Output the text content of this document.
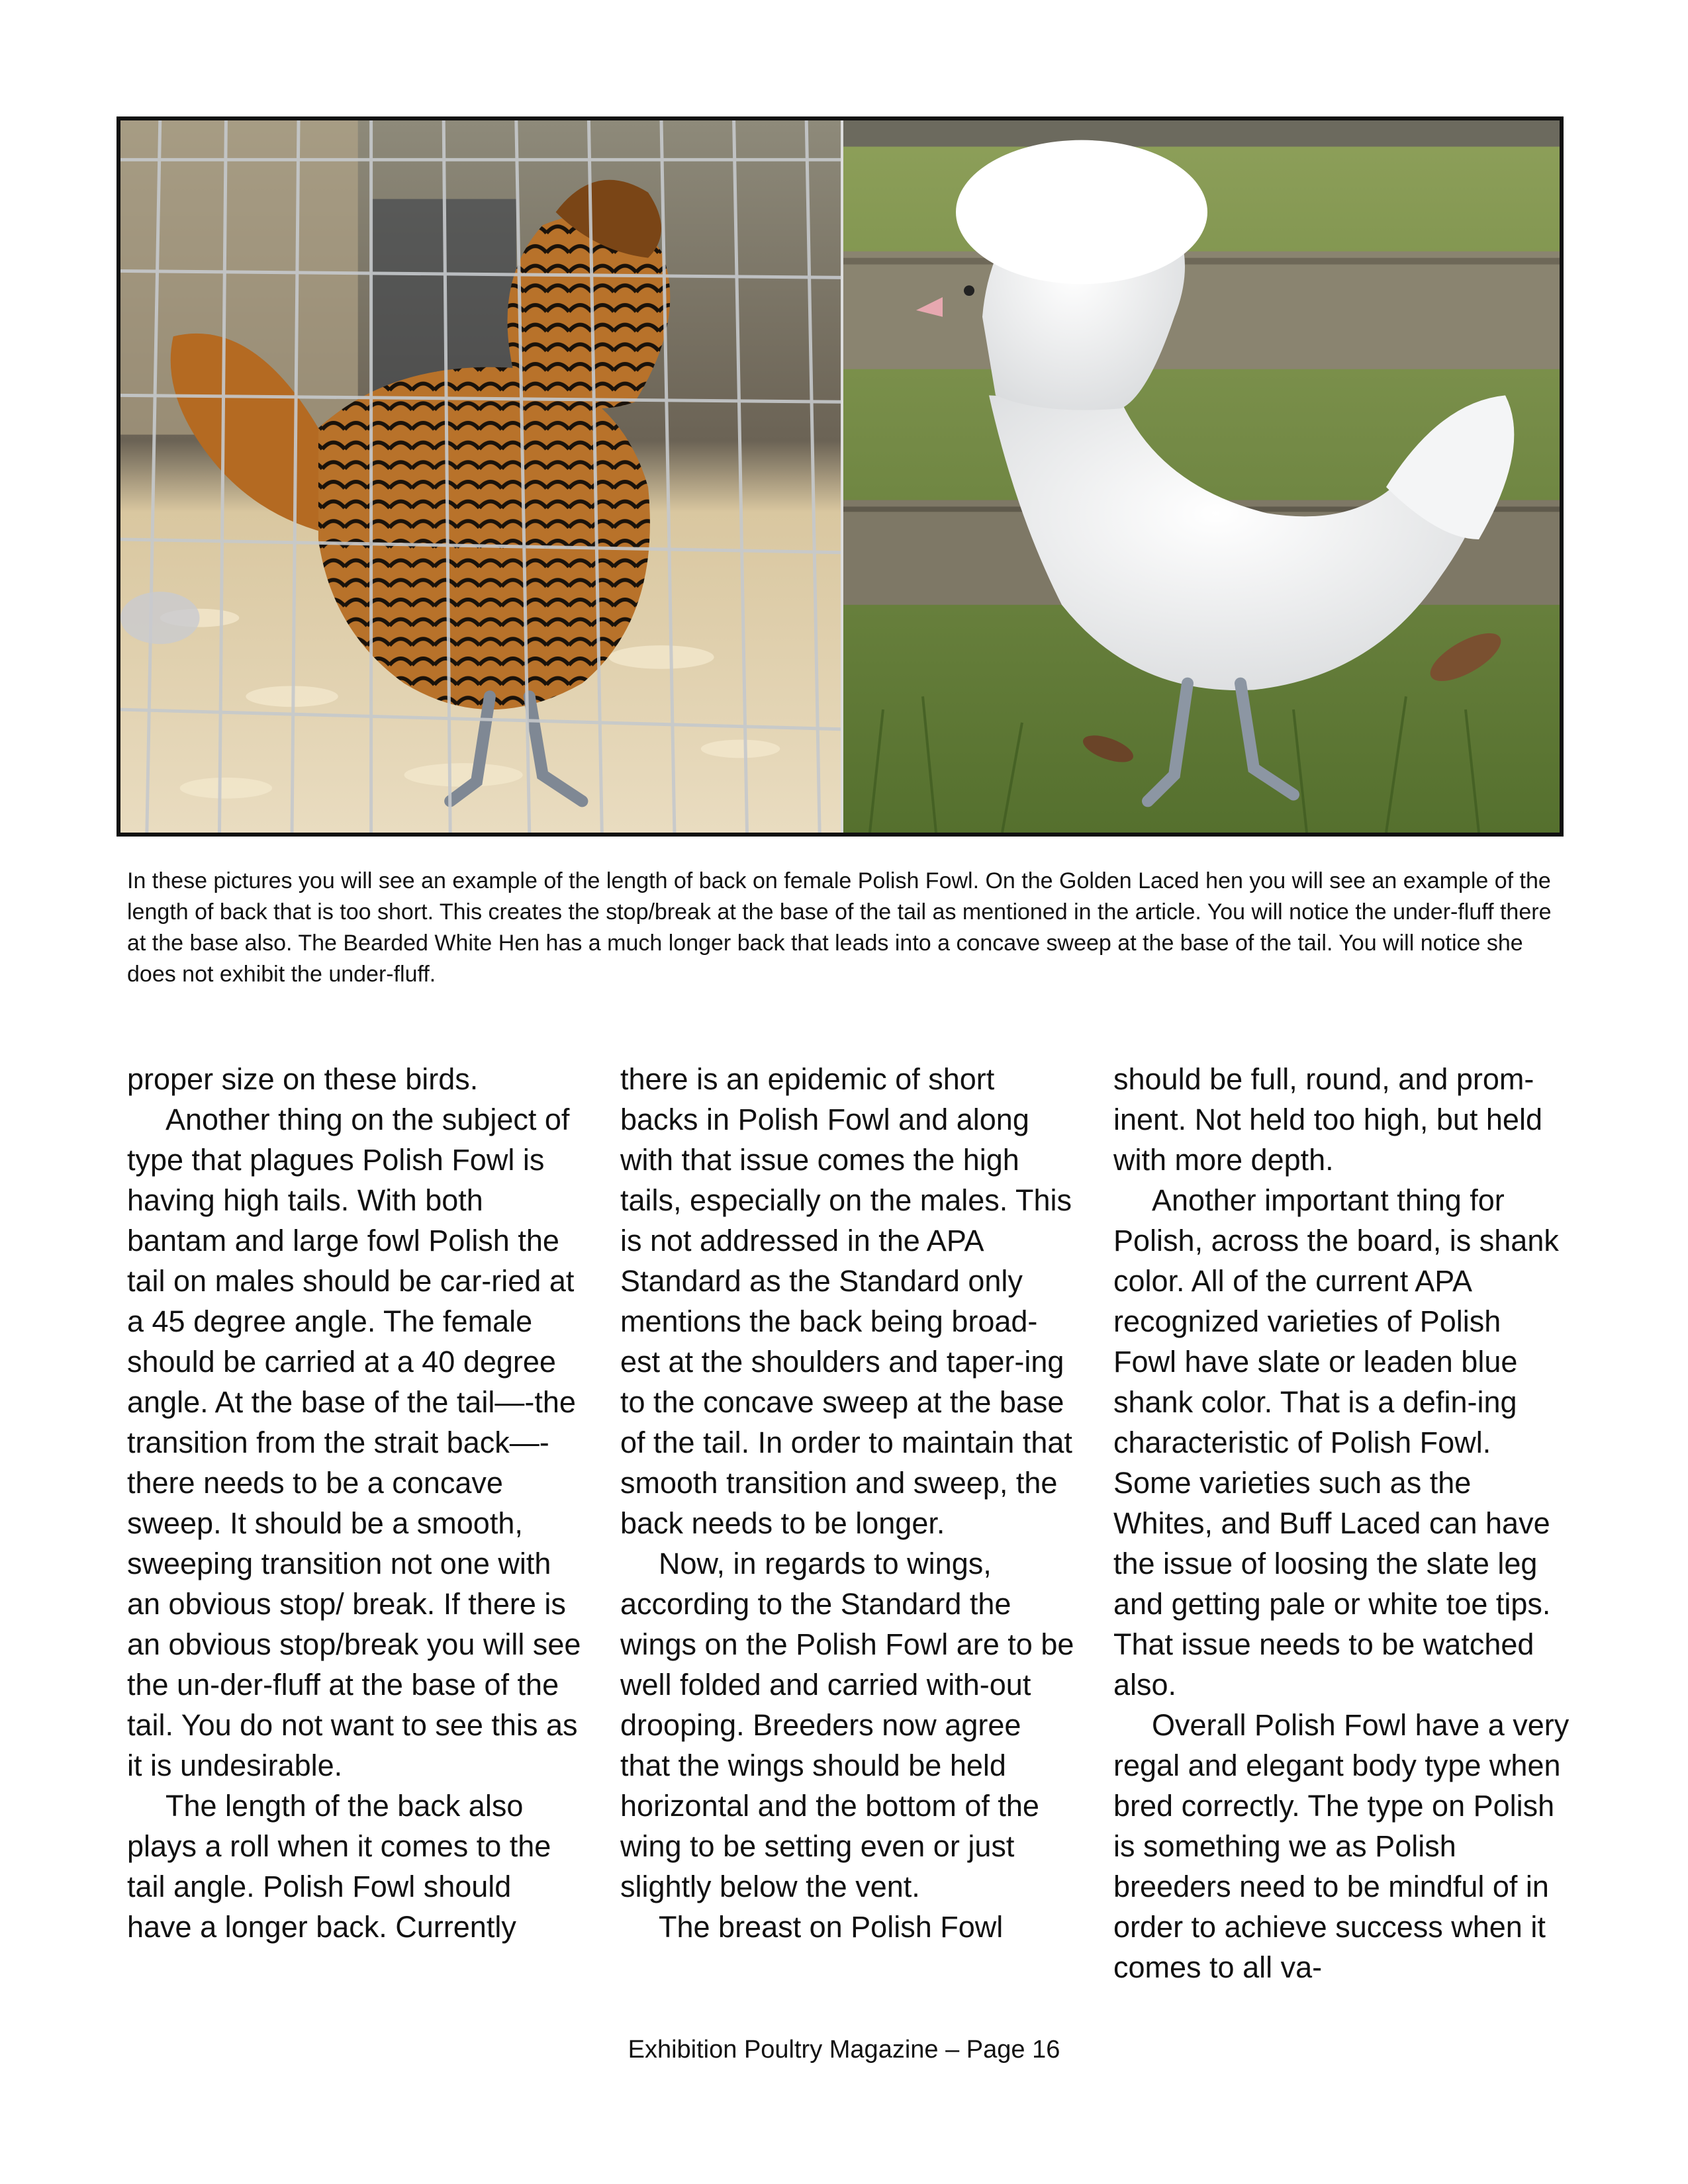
In these pictures you will see an example of the length of back on female Polish Fowl. On the Golden Laced hen you will see an example of the length of back that is too short. This creates the stop/break at the base of the tail as mentioned in the article. You will notice the under-fluff there at the base also. The Bearded White Hen has a much longer back that leads into a concave sweep at the base of the tail. You will notice she does not exhibit the under-fluff.

proper size on these birds.

Another thing on the subject of type that plagues Polish Fowl is having high tails. With both bantam and large fowl Polish the tail on males should be car-ried at a 45 degree angle. The female should be carried at a 40 degree angle. At the base of the tail—-the transition from the strait back—- there needs to be a concave sweep. It should be a smooth, sweeping transition not one with an obvious stop/ break. If there is an obvious stop/break you will see the un-der-fluff at the base of the tail. You do not want to see this as it is undesirable.

The length of the back also plays a roll when it comes to the tail angle. Polish Fowl should have a longer back. Currently

there is an epidemic of short backs in Polish Fowl and along with that issue comes the high tails, especially on the males. This is not addressed in the APA Standard as the Standard only mentions the back being broad-est at the shoulders and taper-ing to the concave sweep at the base of the tail. In order to maintain that smooth transition and sweep, the back needs to be longer.

Now, in regards to wings, according to the Standard the wings on the Polish Fowl are to be well folded and carried with-out drooping. Breeders now agree that the wings should be held horizontal and the bottom of the wing to be setting even or just slightly below the vent.

The breast on Polish Fowl

should be full, round, and prom-inent. Not held too high, but held with more depth.

Another important thing for Polish, across the board, is shank color. All of the current APA recognized varieties of Polish Fowl have slate or leaden blue shank color. That is a defin-ing characteristic of Polish Fowl. Some varieties such as the Whites, and Buff Laced can have the issue of loosing the slate leg and getting pale or white toe tips. That issue needs to be watched also.

Overall Polish Fowl have a very regal and elegant body type when bred correctly. The type on Polish is something we as Polish breeders need to be mindful of in order to achieve success when it comes to all va-

Exhibition Poultry Magazine – Page 16
